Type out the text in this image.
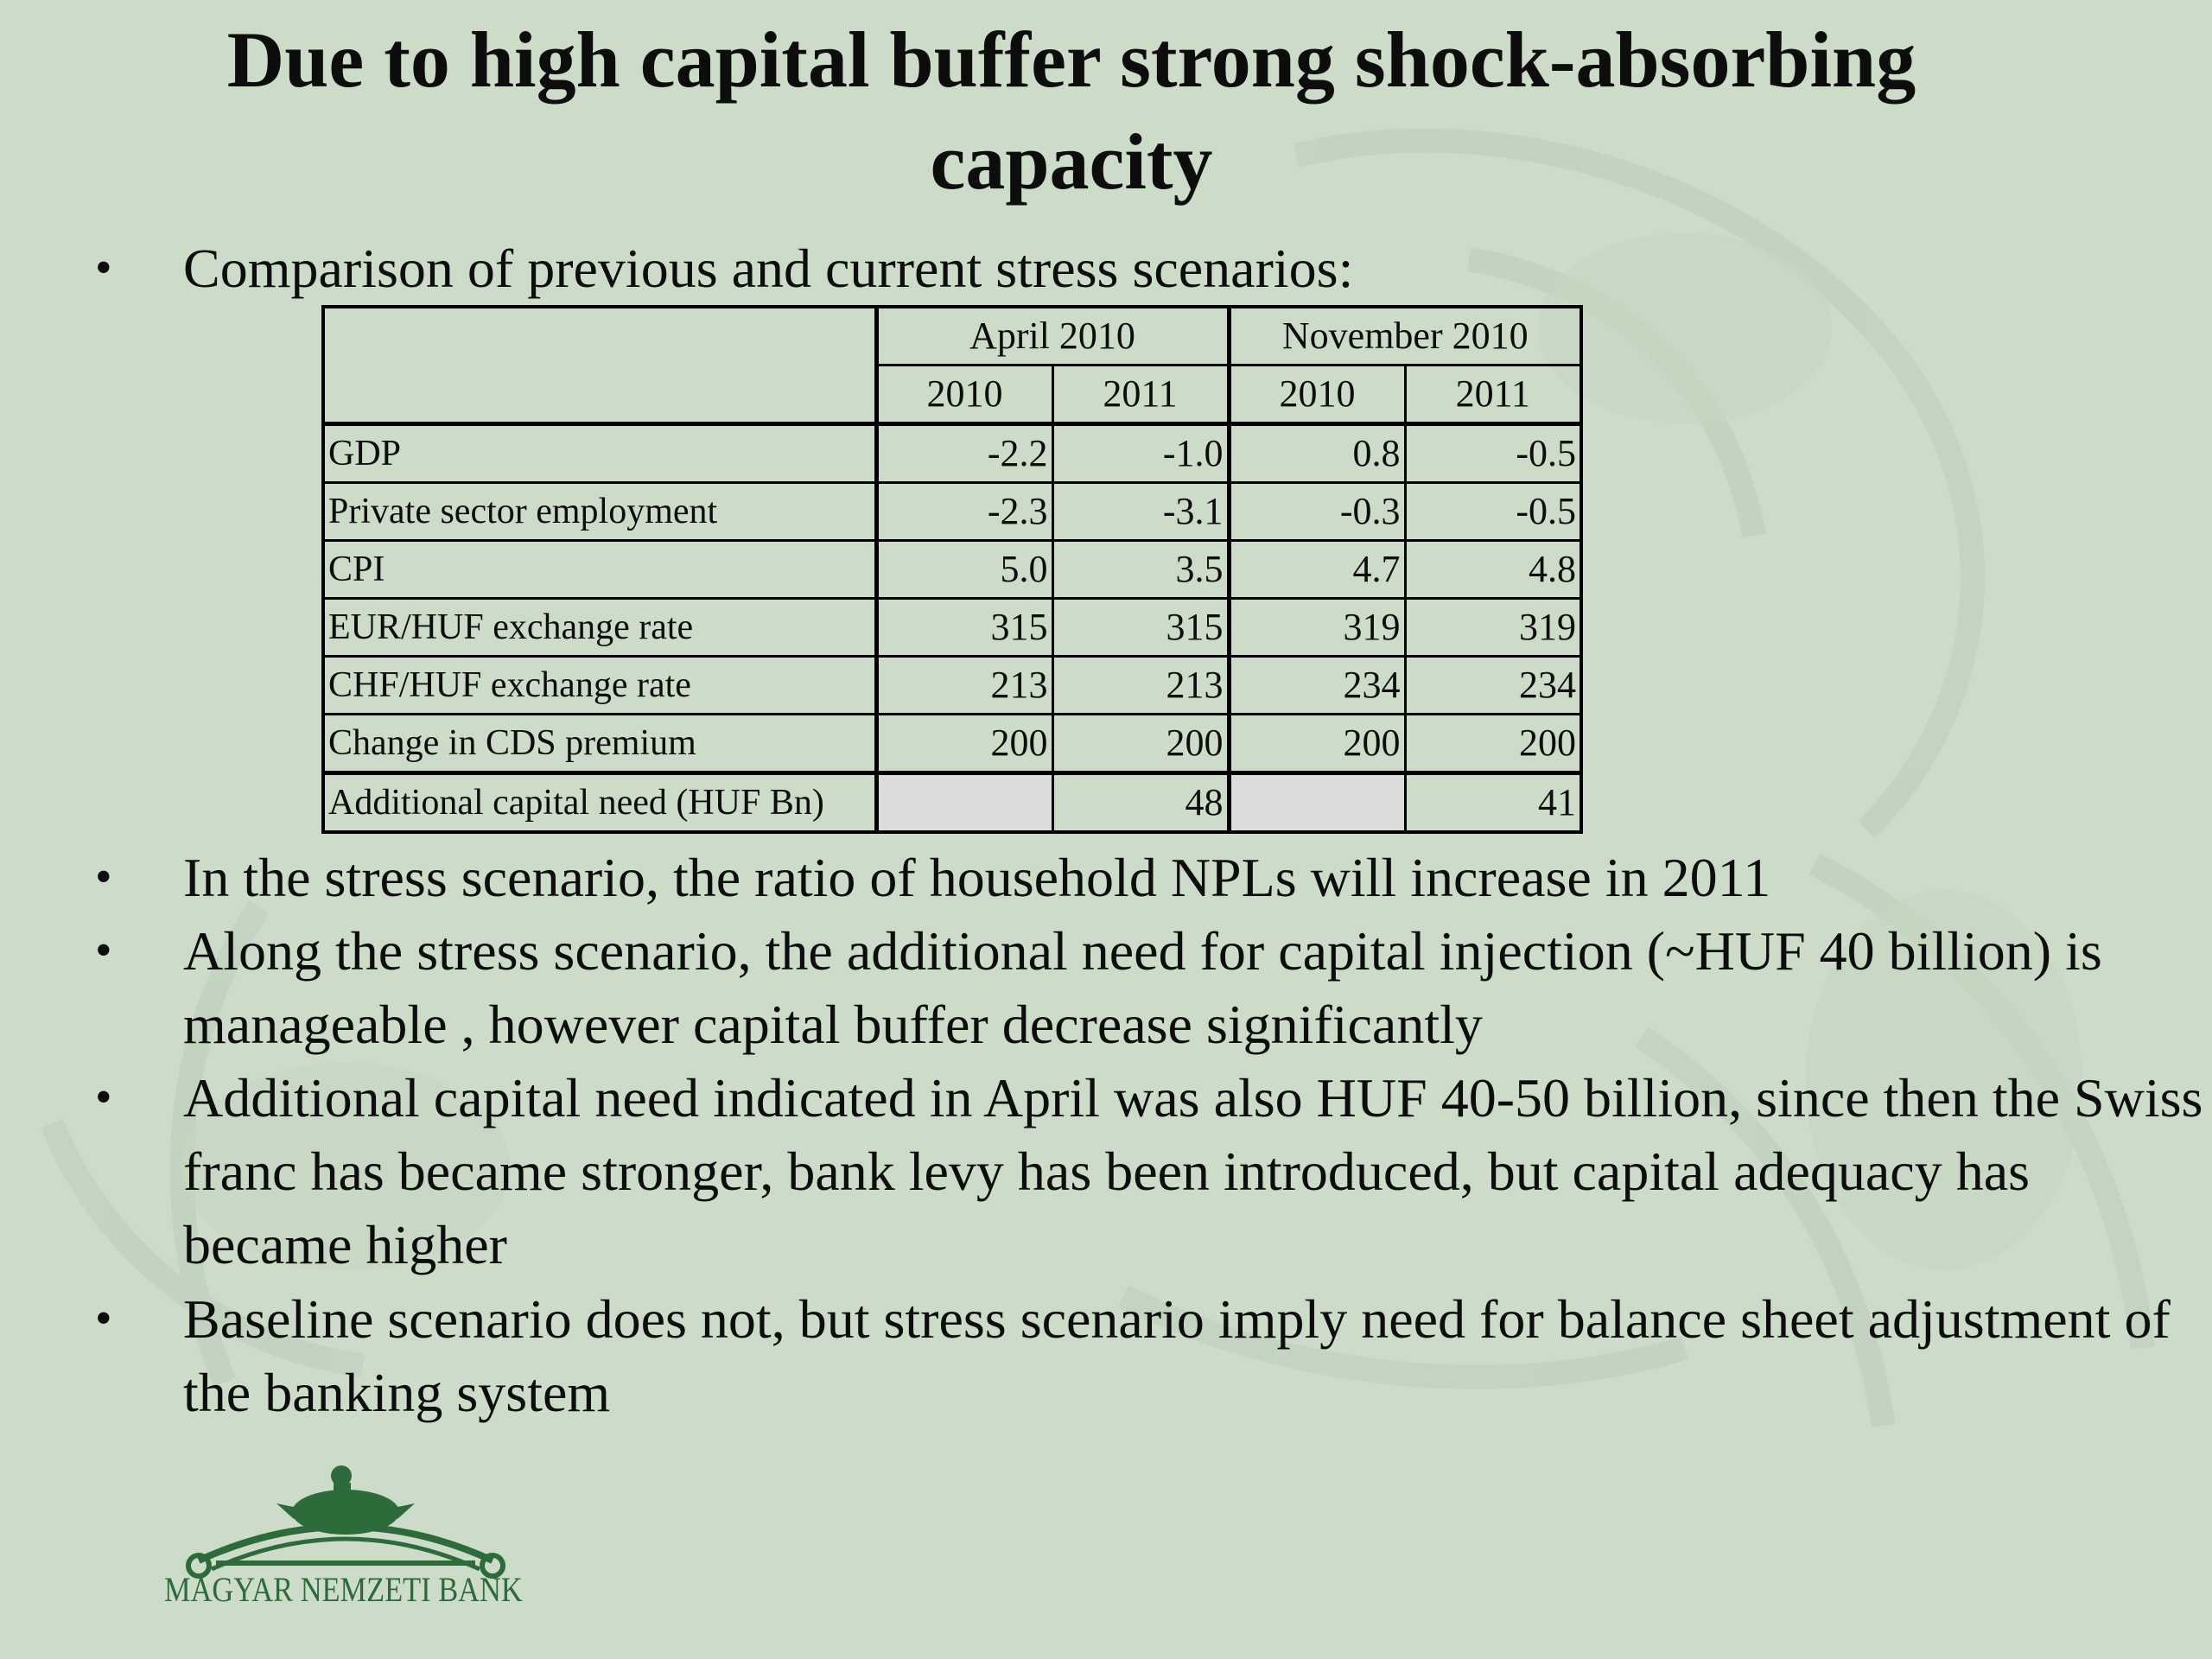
Due to high capital buffer strong shock-absorbing capacity
•	Comparison of previous and current stress scenarios:
	April 2010		November 2010	
	2010	2011	2010	2011
GDP	-2.2	-1.0	0.8	-0.5
Private sector employment	-2.3	-3.1	-0.3	-0.5
CPI	5.0	3.5	4.7	4.8
EUR/HUF exchange rate	315	315	319	319
CHF/HUF exchange rate	213	213	234	234
Change in CDS premium	200	200	200	200
Additional capital need (HUF Bn)		48		41
•	In the stress scenario, the ratio of household NPLs will increase in 2011
•	Along the stress scenario, the additional need for capital injection (~HUF 40 billion) is manageable , however capital buffer decrease significantly
•	Additional capital need indicated in April was also HUF 40-50 billion, since then the Swiss franc has became stronger, bank levy has been introduced, but capital adequacy has became higher
•	Baseline scenario does not, but stress scenario imply need for balance sheet adjustment of the banking system
MAGYAR NEMZETI BANK
